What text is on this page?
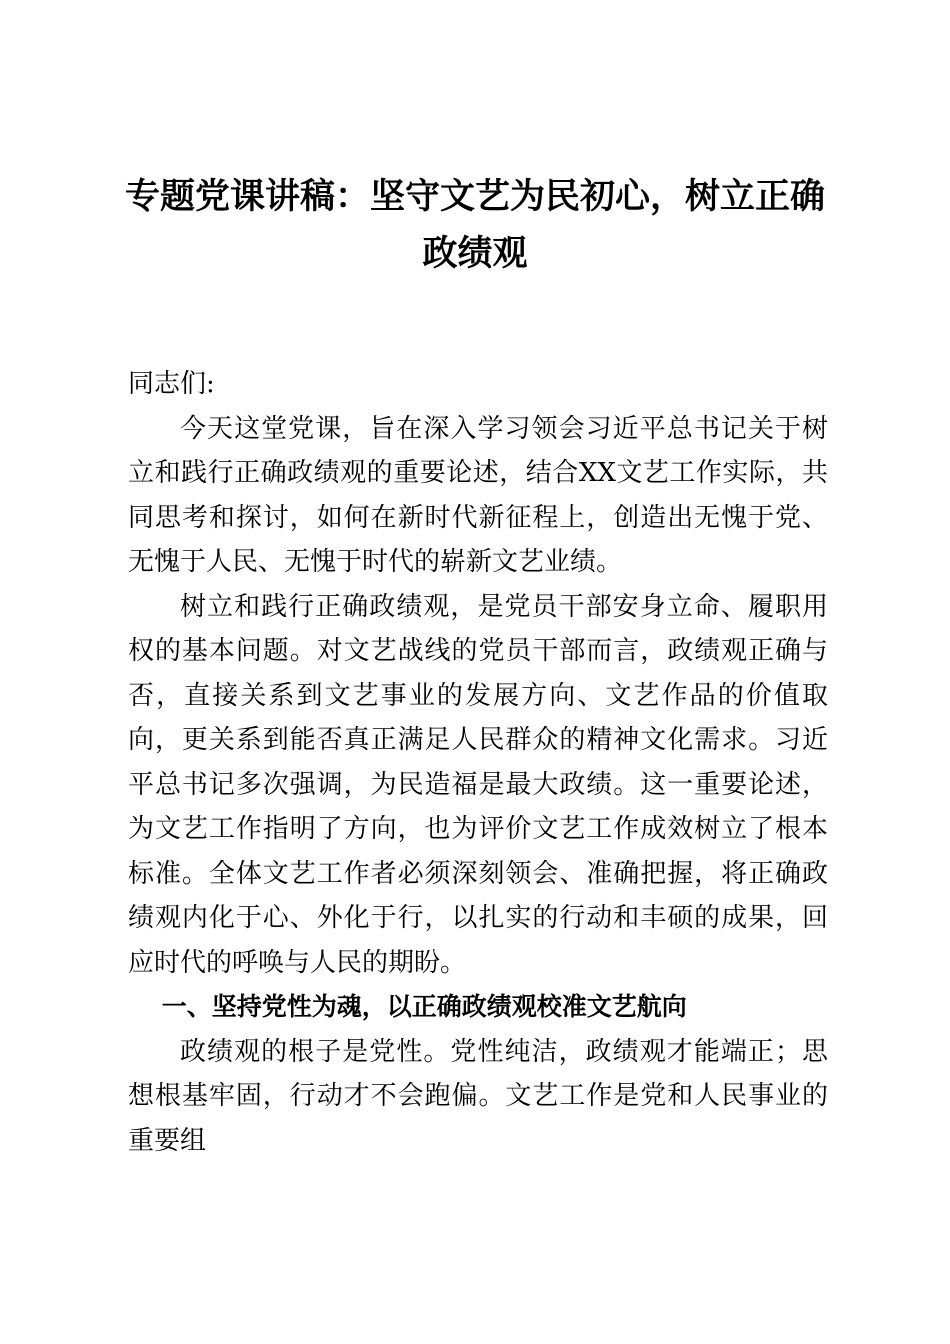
专题党课讲稿：坚守文艺为民初心，树立正确
政绩观

同志们:

今天这堂党课，旨在深入学习领会习近平总书记关于树立和践行正确政绩观的重要论述，结合XX文艺工作实际，共同思考和探讨，如何在新时代新征程上，创造出无愧于党、无愧于人民、无愧于时代的崭新文艺业绩。

树立和践行正确政绩观，是党员干部安身立命、履职用权的基本问题。对文艺战线的党员干部而言，政绩观正确与否，直接关系到文艺事业的发展方向、文艺作品的价值取向，更关系到能否真正满足人民群众的精神文化需求。习近平总书记多次强调，为民造福是最大政绩。这一重要论述，为文艺工作指明了方向，也为评价文艺工作成效树立了根本标准。全体文艺工作者必须深刻领会、准确把握，将正确政绩观内化于心、外化于行，以扎实的行动和丰硕的成果，回应时代的呼唤与人民的期盼。

一、坚持党性为魂，以正确政绩观校准文艺航向

政绩观的根子是党性。党性纯洁，政绩观才能端正；思想根基牢固，行动才不会跑偏。文艺工作是党和人民事业的重要组
